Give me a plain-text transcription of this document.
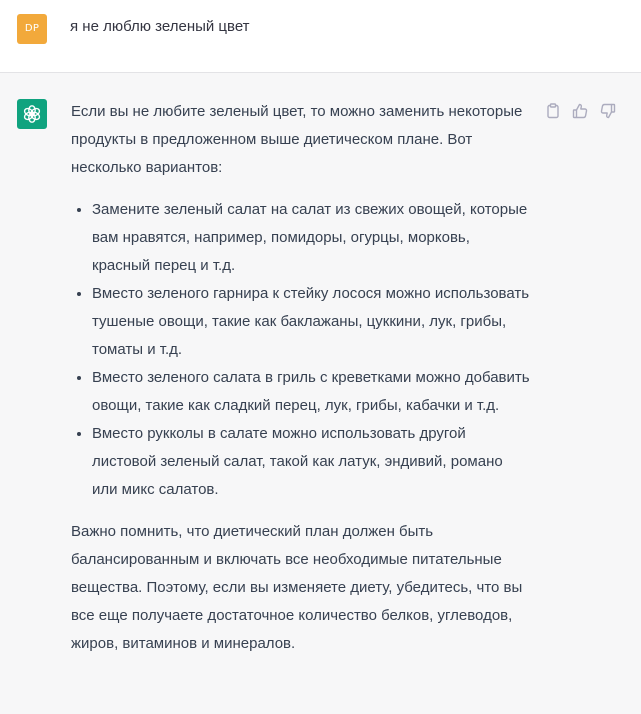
DP	я не люблю зеленый цвет

Если вы не любите зеленый цвет, то можно заменить некоторые продукты в предложенном выше диетическом плане. Вот несколько вариантов:

• Замените зеленый салат на салат из свежих овощей, которые вам нравятся, например, помидоры, огурцы, морковь, красный перец и т.д.
• Вместо зеленого гарнира к стейку лосося можно использовать тушеные овощи, такие как баклажаны, цуккини, лук, грибы, томаты и т.д.
• Вместо зеленого салата в гриль с креветками можно добавить овощи, такие как сладкий перец, лук, грибы, кабачки и т.д.
• Вместо рукколы в салате можно использовать другой листовой зеленый салат, такой как латук, эндивий, романо или микс салатов.

Важно помнить, что диетический план должен быть балансированным и включать все необходимые питательные вещества. Поэтому, если вы изменяете диету, убедитесь, что вы все еще получаете достаточное количество белков, углеводов, жиров, витаминов и минералов.
